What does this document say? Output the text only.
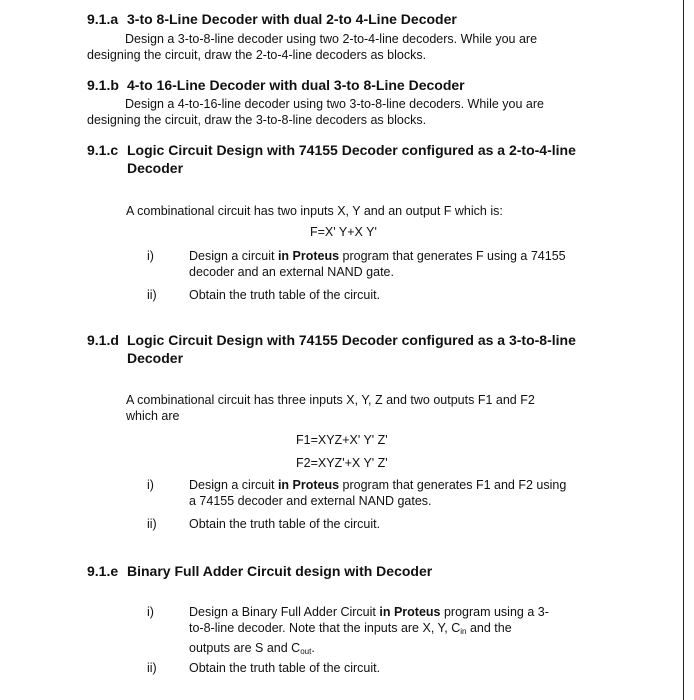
9.1.a 3-to 8-Line Decoder with dual 2-to 4-Line Decoder
Design a 3-to-8-line decoder using two 2-to-4-line decoders. While you are
designing the circuit, draw the 2-to-4-line decoders as blocks.
9.1.b 4-to 16-Line Decoder with dual 3-to 8-Line Decoder
Design a 4-to-16-line decoder using two 3-to-8-line decoders. While you are
designing the circuit, draw the 3-to-8-line decoders as blocks.
9.1.c Logic Circuit Design with 74155 Decoder configured as a 2-to-4-line
Decoder
A combinational circuit has two inputs X, Y and an output F which is:
F=X' Y+X Y'
i)	Design a circuit in Proteus program that generates F using a 74155
decoder and an external NAND gate.
ii)	Obtain the truth table of the circuit.
9.1.d Logic Circuit Design with 74155 Decoder configured as a 3-to-8-line
Decoder
A combinational circuit has three inputs X, Y, Z and two outputs F1 and F2
which are
F1=XYZ+X' Y' Z'
F2=XYZ'+X Y' Z'
i)	Design a circuit in Proteus program that generates F1 and F2 using
a 74155 decoder and external NAND gates.
ii)	Obtain the truth table of the circuit.
9.1.e Binary Full Adder Circuit design with Decoder
i)	Design a Binary Full Adder Circuit in Proteus program using a 3-
to-8-line decoder. Note that the inputs are X, Y, $C_{in}$ and the
outputs are S and $C_{out}$.
ii)	Obtain the truth table of the circuit.
